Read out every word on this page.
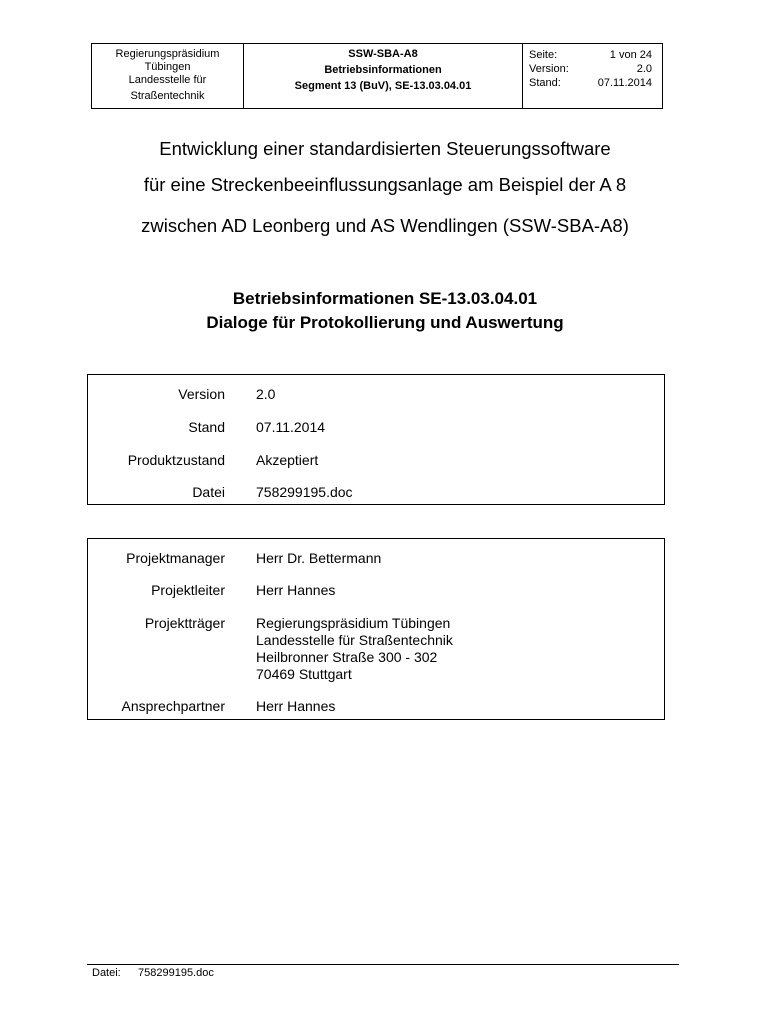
Regierungspräsidium
Tübingen
Landesstelle für
Straßentechnik
SSW-SBA-A8
Betriebsinformationen
Segment 13 (BuV), SE-13.03.04.01
Seite:	1 von 24
Version:	2.0
Stand:	07.11.2014
Entwicklung einer standardisierten Steuerungssoftware
für eine Streckenbeeinflussungsanlage am Beispiel der A 8
zwischen AD Leonberg und AS Wendlingen (SSW-SBA-A8)
Betriebsinformationen SE-13.03.04.01
Dialoge für Protokollierung und Auswertung
Version 2.0
Stand 07.11.2014
Produktzustand Akzeptiert
Datei 758299195.doc
Projektmanager Herr Dr. Bettermann
Projektleiter Herr Hannes
Projektträger Regierungspräsidium Tübingen
Landesstelle für Straßentechnik
Heilbronner Straße 300 - 302
70469 Stuttgart
Ansprechpartner Herr Hannes
Datei: 758299195.doc
